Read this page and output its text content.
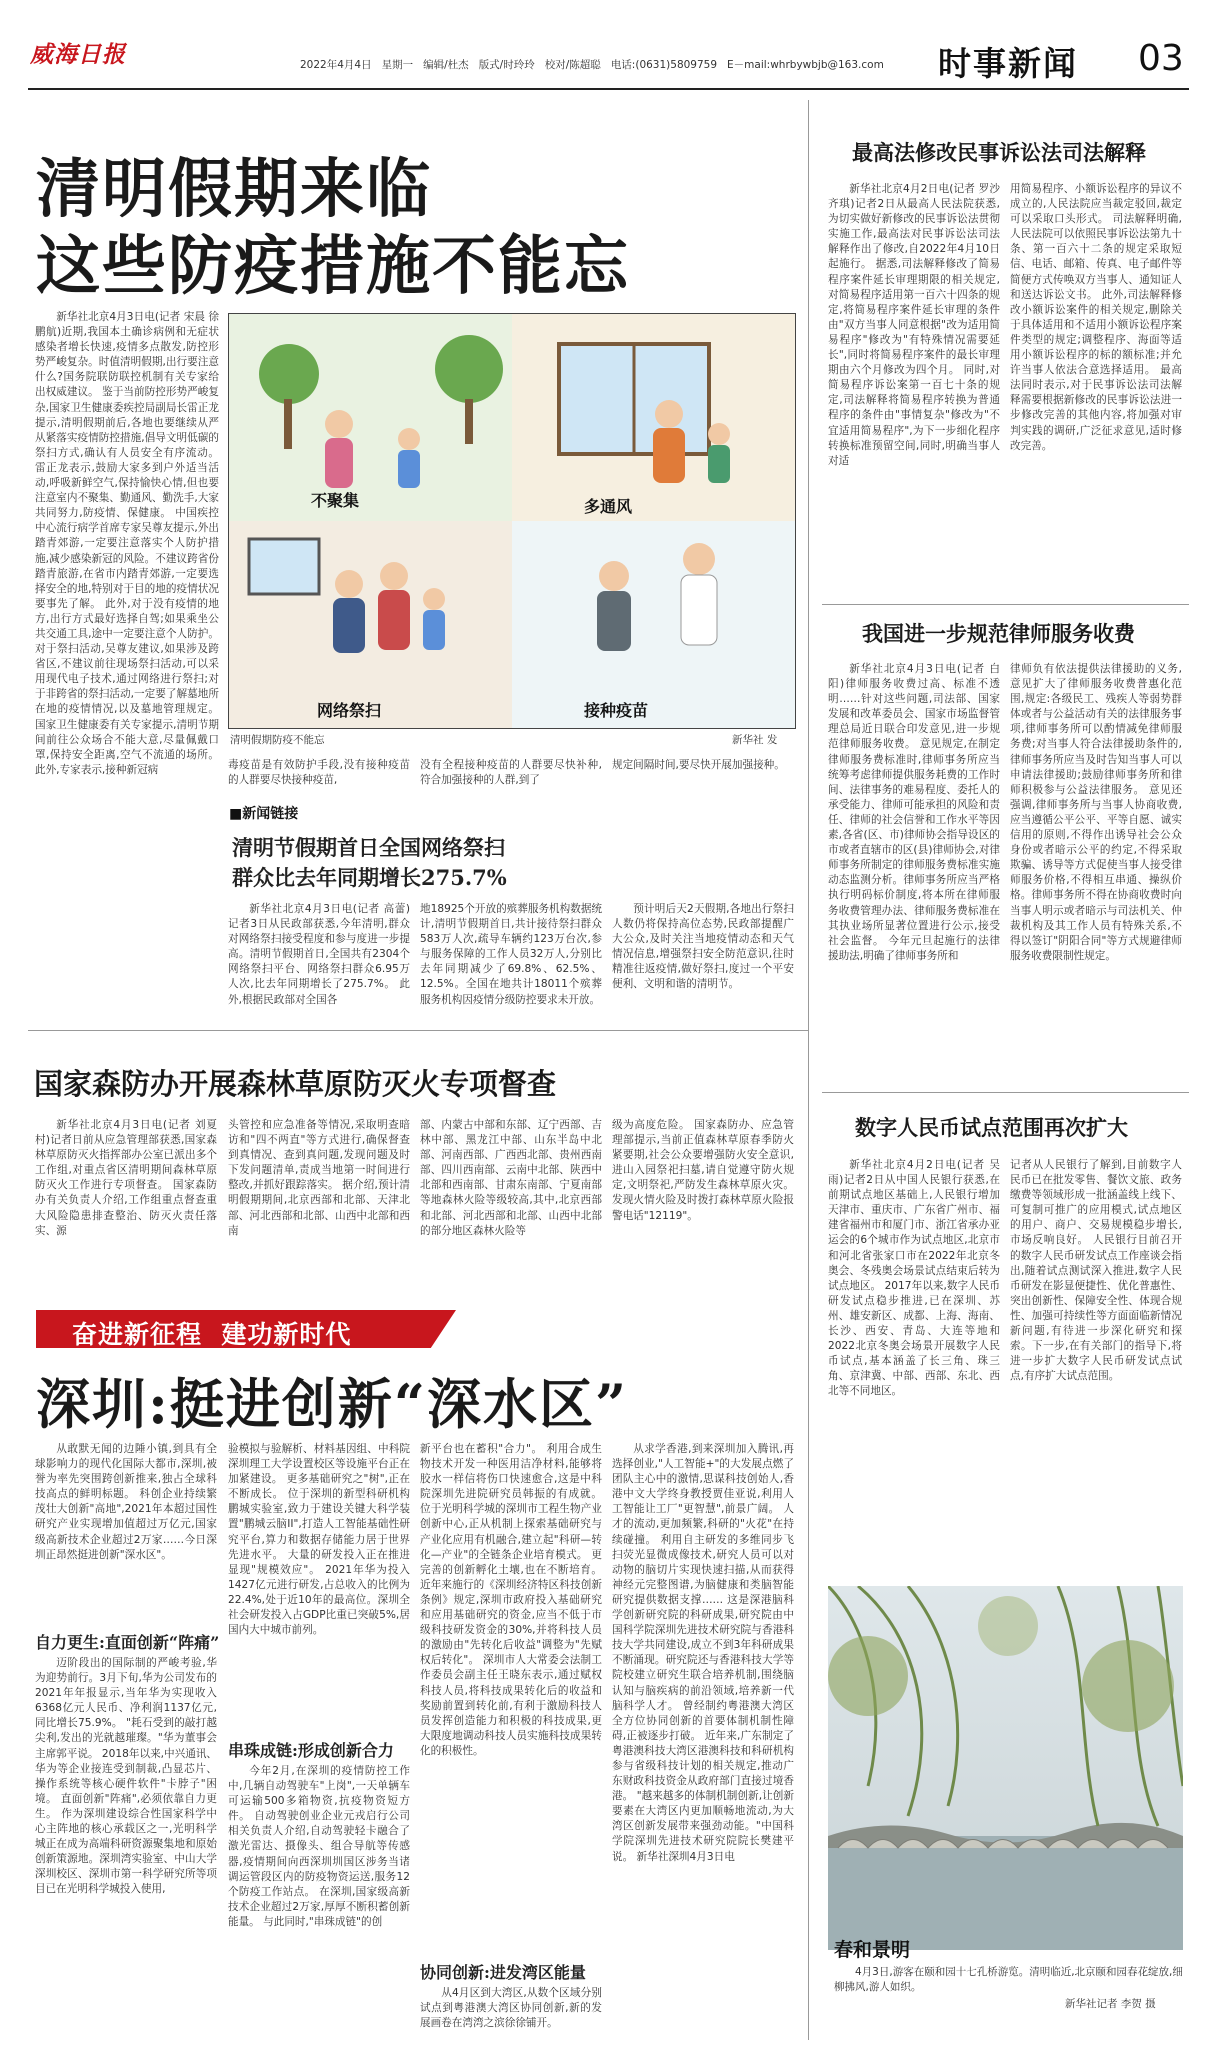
威海日报	2022年4月4日 星期一 编辑/杜杰 版式/时玲玲 校对/陈超聪 电话:(0631)5809759 E－mail:whrbywbjb@163.com 时事新闻 03
清明假期来临
这些防疫措施不能忘
新华社北京4月3日电(记者 宋晨 徐鹏航)近期,我国本土确诊病例和无症状感染者增长快速,疫情多点散发,防控形势严峻复杂。时值清明假期,出行要注意什么?国务院联防联控机制有关专家给出权威建议。 鉴于当前防控形势严峻复杂,国家卫生健康委疾控局副局长雷正龙提示,清明假期前后,各地也要继续从严从紧落实疫情防控措施,倡导文明低碳的祭扫方式,确认有人员安全有序流动。 雷正龙表示,鼓励大家多到户外适当活动,呼吸新鲜空气,保持愉快心情,但也要注意室内不聚集、勤通风、勤洗手,大家共同努力,防疫情、保健康。 中国疾控中心流行病学首席专家吴尊友提示,外出踏青郊游,一定要注意落实个人防护措施,减少感染新冠的风险。不建议跨省份踏青旅游,在省市内踏青郊游,一定要选择安全的地,特别对于目的地的疫情状况要事先了解。 此外,对于没有疫情的地方,出行方式最好选择自驾;如果乘坐公共交通工具,途中一定要注意个人防护。 对于祭扫活动,吴尊友建议,如果涉及跨省区,不建议前往现场祭扫活动,可以采用现代电子技术,通过网络进行祭扫;对于非跨省的祭扫活动,一定要了解墓地所在地的疫情情况,以及墓地管理规定。 国家卫生健康委有关专家提示,清明节期间前往公众场合不能大意,尽量佩戴口罩,保持安全距离,空气不流通的场所。 此外,专家表示,接种新冠病
不聚集	多通风
网络祭扫	接种疫苗
清明假期防疫不能忘	新华社 发
毒疫苗是有效防护手段,没有接种疫苗的人群要尽快接种疫苗,
没有全程接种疫苗的人群要尽快补种,符合加强接种的人群,到了
规定间隔时间,要尽快开展加强接种。
■新闻链接
清明节假期首日全国网络祭扫
群众比去年同期增长275.7%
新华社北京4月3日电(记者 高蕾)记者3日从民政部获悉,今年清明,群众对网络祭扫接受程度和参与度进一步提高。清明节假期首日,全国共有2304个网络祭扫平台、网络祭扫群众6.95万人次,比去年同期增长了275.7%。 此外,根据民政部对全国各
地18925个开放的殡葬服务机构数据统计,清明节假期首日,共计接待祭扫群众583万人次,疏导车辆约123万台次,参与服务保障的工作人员32万人,分别比去年同期减少了69.8%、62.5%、12.5%。全国在地共计18011个殡葬服务机构因疫情分级防控要求未开放。
预计明后天2天假期,各地出行祭扫人数仍将保持高位态势,民政部提醒广大公众,及时关注当地疫情动态和天气情况信息,增强祭扫安全防范意识,往时精准往返疫情,做好祭扫,度过一个平安便利、文明和谐的清明节。
国家森防办开展森林草原防灭火专项督查
新华社北京4月3日电(记者 刘夏村)记者日前从应急管理部获悉,国家森林草原防灭火指挥部办公室已派出多个工作组,对重点省区清明期间森林草原防灭火工作进行专项督查。 国家森防办有关负责人介绍,工作组重点督查重大风险隐患排查整治、防灭火责任落实、源
头管控和应急准备等情况,采取明查暗访和"四不两直"等方式进行,确保督查到真情况、查到真问题,发现问题及时下发问题清单,责成当地第一时间进行整改,并抓好跟踪落实。 据介绍,预计清明假期期间,北京西部和北部、天津北部、河北西部和北部、山西中北部和西南
部、内蒙古中部和东部、辽宁西部、吉林中部、黑龙江中部、山东半岛中北部、河南西部、广西西北部、贵州西南部、四川西南部、云南中北部、陕西中北部和西南部、甘肃东南部、宁夏南部等地森林火险等级较高,其中,北京西部和北部、河北西部和北部、山西中北部的部分地区森林火险等
级为高度危险。 国家森防办、应急管理部提示,当前正值森林草原春季防火紧要期,社会公众要增强防火安全意识,进山入园祭祀扫墓,请自觉遵守防火规定,文明祭祀,严防发生森林草原火灾。发现火情火险及时拨打森林草原火险报警电话"12119"。
奋进新征程  建功新时代
深圳:挺进创新“深水区”
从敢默无闻的边陲小镇,到具有全球影响力的现代化国际大都市,深圳,被誉为率先突围跨创新推来,独占全球科技高点的鲜明标题。 科创企业持续繁茂壮大创新"高地",2021年本超过国性研究产业实现增加值超过万亿元,国家级高新技术企业超过2万家……今日深圳正昂然挺进创新"深水区"。
自力更生:直面创新“阵痛”
迈阶段出的国际制的严峻考验,华为迎势前行。3月下旬,华为公司发布的2021年年报显示,当年华为实现收入6368亿元人民币、净利润1137亿元,同比增长75.9%。 "耗石受到的敲打越尖利,发出的光就越璀璨。"华为董事会主席郭平说。 2018年以来,中兴通讯、华为等企业接连受到制裁,凸显芯片、操作系统等核心硬件软件"卡脖子"困境。 直面创新"阵痛",必须依靠自力更生。 作为深圳建设综合性国家科学中心主阵地的核心承载区之一,光明科学城正在成为高端科研资源聚集地和原始创新策源地。深圳湾实验室、中山大学深圳校区、深圳市第一科学研究所等项目已在光明科学城投入使用,
验模拟与验解析、材料基因组、中科院深圳理工大学设置校区等设施平台正在加紧建设。 更多基础研究之"树",正在不断成长。 位于深圳的新型科研机构鹏城实验室,致力于建设关键大科学装置"鹏城云脑II",打造人工智能基础性研究平台,算力和数据存储能力居于世界先进水平。 大量的研发投入正在推进显现"规模效应"。 2021年华为投入1427亿元进行研发,占总收入的比例为22.4%,处于近10年的最高位。深圳全社会研发投入占GDP比重已突破5%,居国内大中城市前列。
串珠成链:形成创新合力
今年2月,在深圳的疫情防控工作中,几辆自动驾驶车"上岗",一天单辆车可运输500多箱物资,抗疫物资短方件。 自动驾驶创业企业元戎启行公司相关负责人介绍,自动驾驶轻卡融合了激光雷达、摄像头、组合导航等传感器,疫情期间向西深圳圳国区涉务当诸调运管段区内的防疫物资运送,服务12个防疫工作站点。 在深圳,国家级高新技术企业超过2万家,厚厚不断积蓄创新能量。 与此同时,"串珠成链"的创
新平台也在蓄积"合力"。 利用合成生物技术开发一种医用洁净材料,能够将胶水一样信将伤口快速愈合,这是中科院深圳先进院研究员韩振的有成就。 位于光明科学城的深圳市工程生物产业创新中心,正从机制上探索基础研究与产业化应用有机融合,建立起"科研—转化—产业"的全链条企业培育模式。 更完善的创新孵化土壤,也在不断培育。 近年来施行的《深圳经济特区科技创新条例》规定,深圳市政府投入基础研究和应用基础研究的资金,应当不低于市级科技研发资金的30%,并将科技人员的激励由"先转化后收益"调整为"先赋权后转化"。 深圳市人大常委会法制工作委员会副主任王晓东表示,通过赋权科技人员,将科技成果转化后的收益和奖励前置到转化前,有利于激励科技人员发挥创造能力和积极的科技成果,更大限度地调动科技人员实施科技成果转化的积极性。
协同创新:进发湾区能量
从4月区到大湾区,从数个区域分别试点到粤港澳大湾区协同创新,新的发展画卷在湾湾之滨徐徐铺开。
从求学香港,到来深圳加入腾讯,再选择创业,"人工智能+"的大发展点燃了团队主心中的激情,思谋科技创始人,香港中文大学终身教授贾佳亚说,利用人工智能让工厂"更智慧",前景广阔。 人才的流动,更加频繁,科研的"火花"在持续碰撞。 利用自主研发的多维同步飞扫荧光显微成像技术,研究人员可以对动物的脑切片实现快速扫描,从而获得神经元完整图谱,为脑健康和类脑智能研究提供数据支撑…… 这是深港脑科学创新研究院的科研成果,研究院由中国科学院深圳先进技术研究院与香港科技大学共同建设,成立不到3年科研成果不断涌现。研究院还与香港科技大学等院校建立研究生联合培养机制,围绕脑认知与脑疾病的前沿领域,培养新一代脑科学人才。 曾经制约粤港澳大湾区全方位协同创新的首要体制机制性障碍,正被逐步打破。 近年来,广东制定了粤港澳科技大湾区港澳科技和科研机构参与省级科技计划的相关规定,推动广东财政科技资金从政府部门直接过境香港。 "越来越多的体制机制创新,让创新要素在大湾区内更加顺畅地流动,为大湾区创新发展带来强劲动能。"中国科学院深圳先进技术研究院院长樊建平说。 新华社深圳4月3日电
最高法修改民事诉讼法司法解释
新华社北京4月2日电(记者 罗沙 齐琪)记者2日从最高人民法院获悉,为切实做好新修改的民事诉讼法贯彻实施工作,最高法对民事诉讼法司法解释作出了修改,自2022年4月10日起施行。 据悉,司法解释修改了简易程序案件延长审理期限的相关规定,对简易程序适用第一百六十四条的规定,将简易程序案件延长审理的条件由"双方当事人同意根据"改为适用简易程序"修改为"有特殊情况需要延长",同时将简易程序案件的最长审理期由六个月修改为四个月。 同时,对简易程序诉讼案第一百七十条的规定,司法解释将简易程序转换为普通程序的条件由"事情复杂"修改为"不宜适用简易程序",为下一步细化程序转换标准预留空间,同时,明确当事人对适
用简易程序、小额诉讼程序的异议不成立的,人民法院应当裁定驳回,裁定可以采取口头形式。 司法解释明确,人民法院可以依照民事诉讼法第九十条、第一百六十二条的规定采取短信、电话、邮箱、传真、电子邮件等简便方式传唤双方当事人、通知证人和送达诉讼文书。 此外,司法解释修改小额诉讼案件的相关规定,删除关于具体适用和不适用小额诉讼程序案件类型的规定;调整程序、海面等适用小额诉讼程序的标的额标准;并允许当事人依法合意选择适用。 最高法同时表示,对于民事诉讼法司法解释需要根据新修改的民事诉讼法进一步修改完善的其他内容,将加强对审判实践的调研,广泛征求意见,适时修改完善。
我国进一步规范律师服务收费
新华社北京4月3日电(记者 白阳)律师服务收费过高、标准不透明……针对这些问题,司法部、国家发展和改革委员会、国家市场监督管理总局近日联合印发意见,进一步规范律师服务收费。 意见规定,在制定律师服务费标准时,律师事务所应当统筹考虑律师提供服务耗费的工作时间、法律事务的难易程度、委托人的承受能力、律师可能承担的风险和责任、律师的社会信誉和工作水平等因素,各省(区、市)律师协会指导设区的市或者直辖市的区(县)律师协会,对律师事务所制定的律师服务费标准实施动态监测分析。律师事务所应当严格执行明码标价制度,将本所在律师服务收费管理办法、律师服务费标准在其执业场所显著位置进行公示,接受社会监督。 今年元旦起施行的法律援助法,明确了律师事务所和
律师负有依法提供法律援助的义务,意见扩大了律师服务收费普惠化范围,规定:各级民工、残疾人等弱势群体或者与公益活动有关的法律服务事项,律师事务所可以酌情减免律师服务费;对当事人符合法律援助条件的,律师事务所应当及时告知当事人可以申请法律援助;鼓励律师事务所和律师积极参与公益法律服务。 意见还强调,律师事务所与当事人协商收费,应当遵循公平公平、平等自愿、诚实信用的原则,不得作出诱导社会公众身份或者暗示公平的约定,不得采取欺骗、诱导等方式促使当事人接受律师服务价格,不得相互串通、操纵价格。律师事务所不得在协商收费时向当事人明示或者暗示与司法机关、仲裁机构及其工作人员有特殊关系,不得以签订"阴阳合同"等方式规避律师服务收费限制性规定。
数字人民币试点范围再次扩大
新华社北京4月2日电(记者 吴雨)记者2日从中国人民银行获悉,在前期试点地区基础上,人民银行增加天津市、重庆市、广东省广州市、福建省福州市和厦门市、浙江省承办亚运会的6个城市作为试点地区,北京市和河北省张家口市在2022年北京冬奥会、冬残奥会场景试点结束后转为试点地区。 2017年以来,数字人民币研发试点稳步推进,已在深圳、苏州、雄安新区、成都、上海、海南、长沙、西安、青岛、大连等地和2022北京冬奥会场景开展数字人民币试点,基本涵盖了长三角、珠三角、京津冀、中部、西部、东北、西北等不同地区。
记者从人民银行了解到,目前数字人民币已在批发零售、餐饮文旅、政务缴费等领域形成一批涵盖线上线下、可复制可推广的应用模式,试点地区的用户、商户、交易规模稳步增长,市场反响良好。 人民银行目前召开的数字人民币研发试点工作座谈会指出,随着试点测试深入推进,数字人民币研发在影显便捷性、优化普惠性、突出创新性、保障安全性、体现合规性、加强可持续性等方面面临新情况新问题,有待进一步深化研究和探索。下一步,在有关部门的指导下,将进一步扩大数字人民币研发试点试点,有序扩大试点范围。
春和景明
4月3日,游客在颐和园十七孔桥游览。清明临近,北京颐和园春花绽放,细柳拂风,游人如织。
新华社记者 李贺 摄
